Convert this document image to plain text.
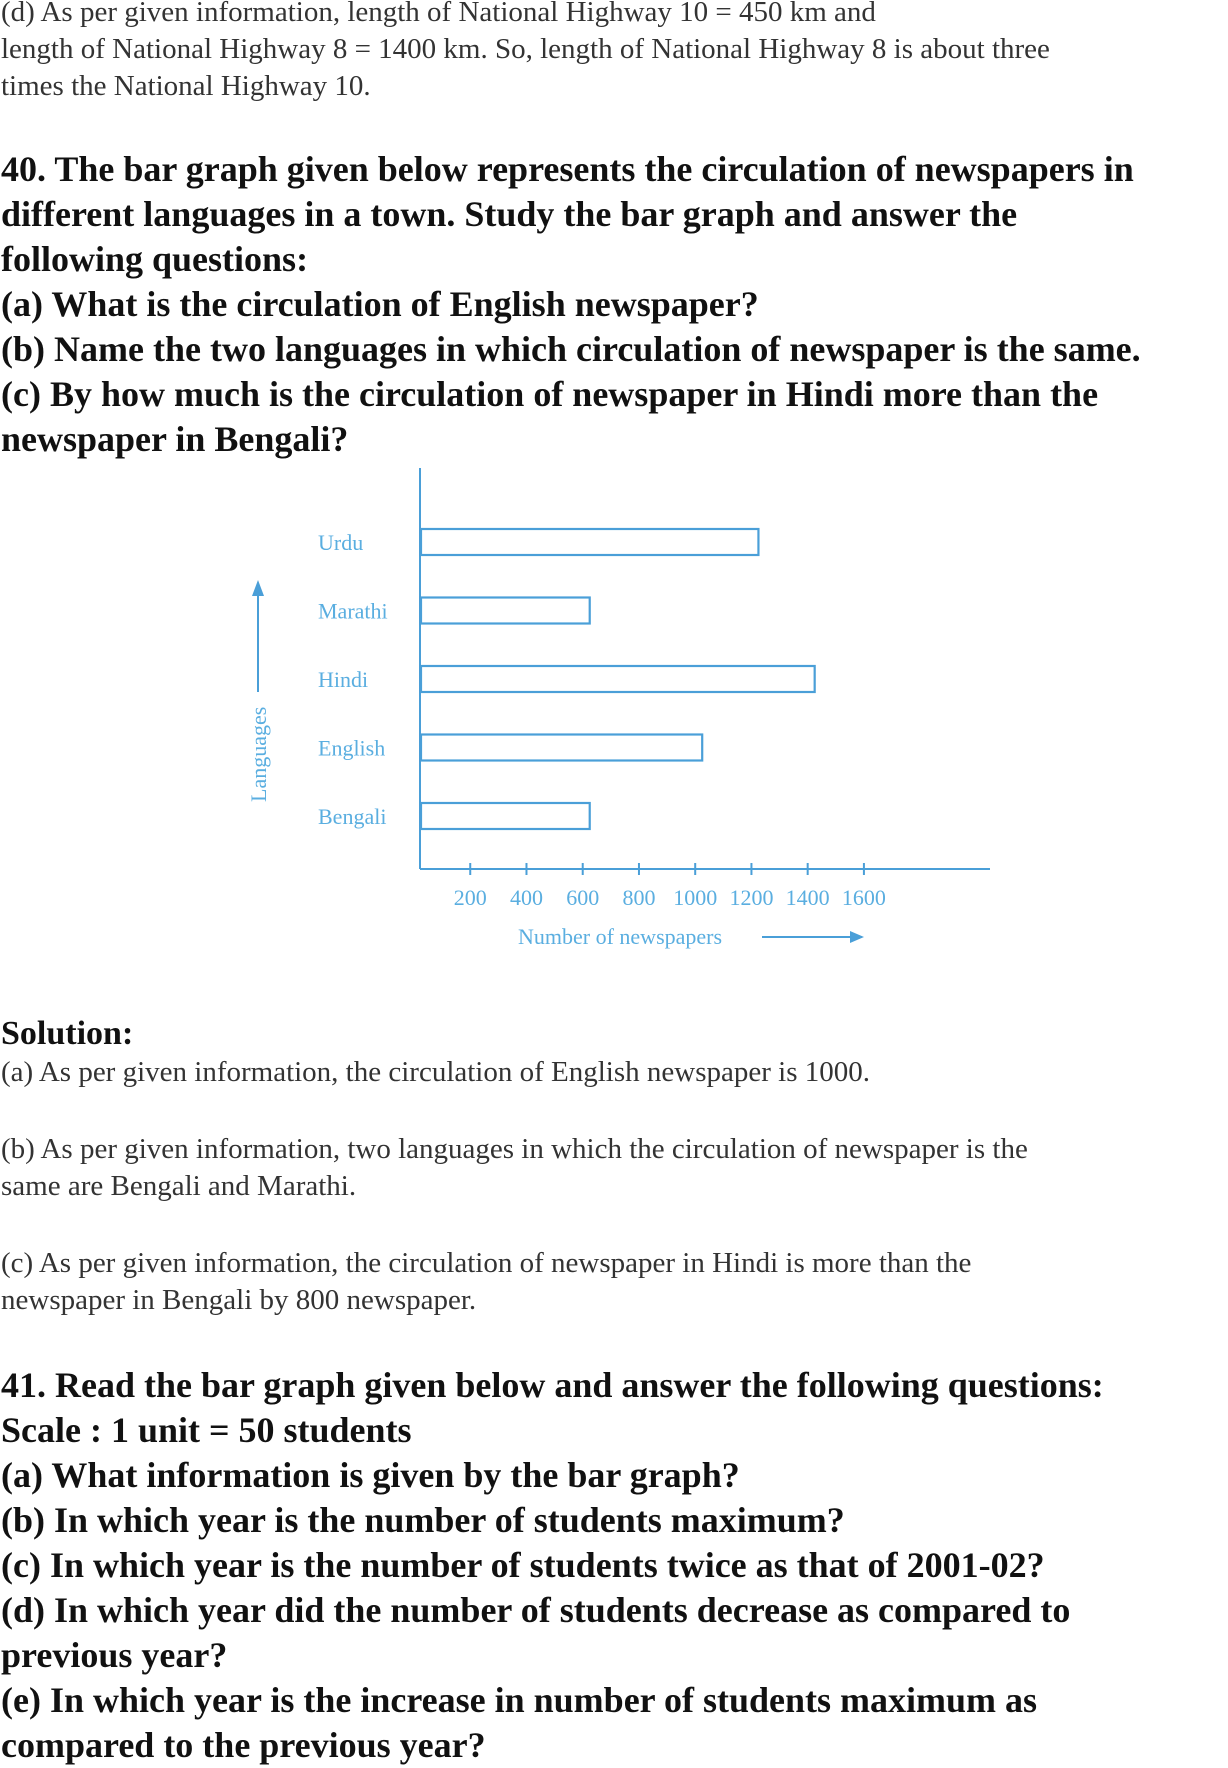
(d) As per given information, length of National Highway 10 = 450 km and

length of National Highway 8 = 1400 km. So, length of National Highway 8 is about three

times the National Highway 10.

40. The bar graph given below represents the circulation of newspapers in

different languages in a town. Study the bar graph and answer the

following questions:

(a) What is the circulation of English newspaper?

(b) Name the two languages in which circulation of newspaper is the same.

(c) By how much is the circulation of newspaper in Hindi more than the

newspaper in Bengali?

Urdu
Marathi
Hindi
English
Bengali
200 400 600 800 1000 1200 1400 1600
Number of newspapers
Languages

Solution:

(a) As per given information, the circulation of English newspaper is 1000.

(b) As per given information, two languages in which the circulation of newspaper is the

same are Bengali and Marathi.

(c) As per given information, the circulation of newspaper in Hindi is more than the

newspaper in Bengali by 800 newspaper.

41. Read the bar graph given below and answer the following questions:

Scale : 1 unit = 50 students

(a) What information is given by the bar graph?

(b) In which year is the number of students maximum?

(c) In which year is the number of students twice as that of 2001-02?

(d) In which year did the number of students decrease as compared to

previous year?

(e) In which year is the increase in number of students maximum as

compared to the previous year?
